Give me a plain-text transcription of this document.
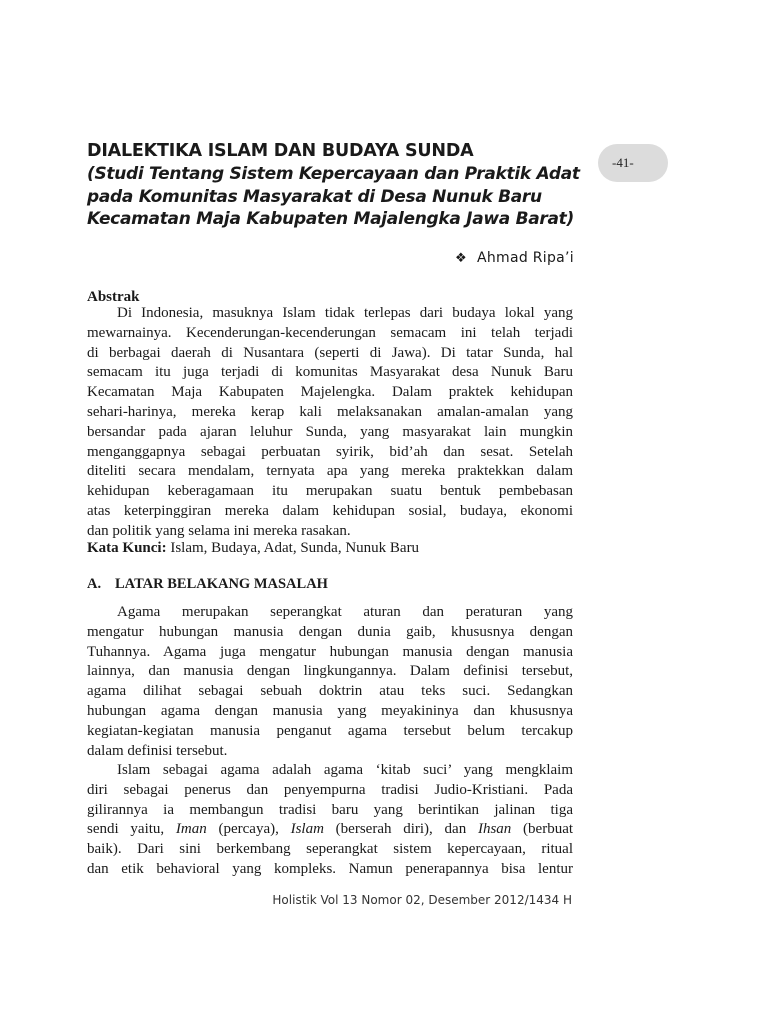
-41-

DIALEKTIKA ISLAM DAN BUDAYA SUNDA

(Studi Tentang Sistem Kepercayaan dan Praktik Adat

pada Komunitas Masyarakat di Desa Nunuk Baru

Kecamatan Maja Kabupaten Majalengka Jawa Barat)

❖ Ahmad Ripa’i
Abstrak
Di Indonesia, masuknya Islam tidak terlepas dari budaya lokal yang
mewarnainya. Kecenderungan-kecenderungan semacam ini telah terjadi
di berbagai daerah di Nusantara (seperti di Jawa). Di tatar Sunda, hal
semacam itu juga terjadi di komunitas Masyarakat desa Nunuk Baru
Kecamatan Maja Kabupaten Majelengka. Dalam praktek kehidupan
sehari-harinya, mereka kerap kali melaksanakan amalan-amalan yang
bersandar pada ajaran leluhur Sunda, yang masyarakat lain mungkin
menganggapnya sebagai perbuatan syirik, bid’ah dan sesat. Setelah
diteliti secara mendalam, ternyata apa yang mereka praktekkan dalam
kehidupan keberagamaan itu merupakan suatu bentuk pembebasan
atas keterpinggiran mereka dalam kehidupan sosial, budaya, ekonomi
dan politik yang selama ini mereka rasakan.
Kata Kunci: Islam, Budaya, Adat, Sunda, Nunuk Baru
A. LATAR BELAKANG MASALAH
Agama merupakan seperangkat aturan dan peraturan yang
mengatur hubungan manusia dengan dunia gaib, khususnya dengan
Tuhannya. Agama juga mengatur hubungan manusia dengan manusia
lainnya, dan manusia dengan lingkungannya. Dalam definisi tersebut,
agama dilihat sebagai sebuah doktrin atau teks suci. Sedangkan
hubungan agama dengan manusia yang meyakininya dan khususnya
kegiatan-kegiatan manusia penganut agama tersebut belum tercakup
dalam definisi tersebut.
Islam sebagai agama adalah agama ‘kitab suci’ yang mengklaim
diri sebagai penerus dan penyempurna tradisi Judio-Kristiani. Pada
gilirannya ia membangun tradisi baru yang berintikan jalinan tiga
sendi yaitu, Iman (percaya), Islam (berserah diri), dan Ihsan (berbuat
baik). Dari sini berkembang seperangkat sistem kepercayaan, ritual
dan etik behavioral yang kompleks. Namun penerapannya bisa lentur
Holistik Vol 13 Nomor 02, Desember 2012/1434 H
